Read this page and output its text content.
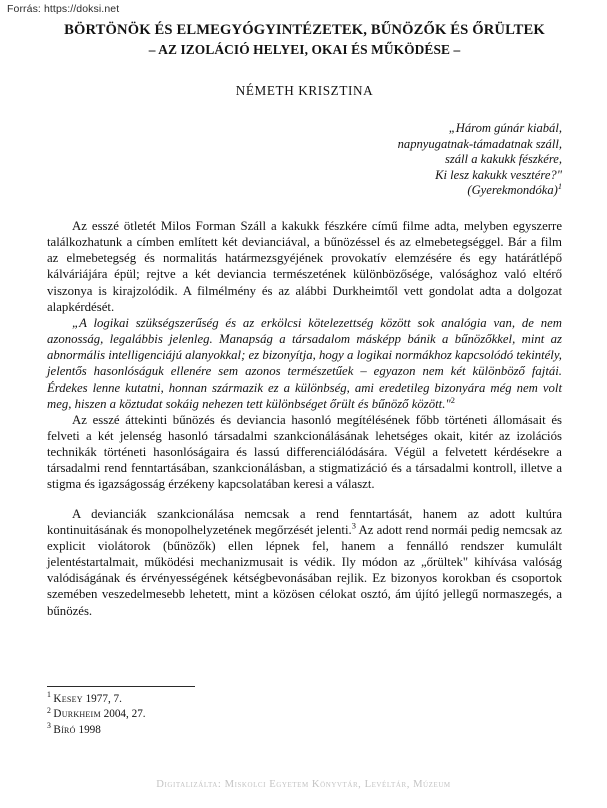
Forrás: https://doksi.net
BÖRTÖNÖK ÉS ELMEGYÓGYINTÉZETEK, BŰNÖZŐK ÉS ŐRÜLTEK
– AZ IZOLÁCIÓ HELYEI, OKAI ÉS MŰKÖDÉSE –
NÉMETH KRISZTINA
„Három gúnár kiabál,
napnyugatnak-támadatnak száll,
száll a kakukk fészkére,
Ki lesz kakukk vesztére?"
(Gyerekmondóka)$^1$

Az esszé ötletét Milos Forman Száll a kakukk fészkére című filme adta, melyben egyszerre találkozhatunk a címben említett két devianciával, a bűnözéssel és az elmebetegséggel. Bár a film az elmebetegség és normalitás határmezsgyéjének provokatív elemzésére és egy határátlépő kálváriájára épül; rejtve a két deviancia természetének különbözősége, valósághoz való eltérő viszonya is kirajzolódik. A filmélmény és az alábbi Durkheimtől vett gondolat adta a dolgozat alapkérdését.

„A logikai szükségszerűség és az erkölcsi kötelezettség között sok analógia van, de nem azonosság, legalábbis jelenleg. Manapság a társadalom másképp bánik a bűnözőkkel, mint az abnormális intelligenciájú alanyokkal; ez bizonyítja, hogy a logikai normákhoz kapcsolódó tekintély, jelentős hasonlóságuk ellenére sem azonos természetűek – egyazon nem két különböző fajtái. Érdekes lenne kutatni, honnan származik ez a különbség, ami eredetileg bizonyára még nem volt meg, hiszen a köztudat sokáig nehezen tett különbséget őrült és bűnöző között."$^2$

Az esszé áttekinti bűnözés és deviancia hasonló megítélésének főbb történeti állomásait és felveti a két jelenség hasonló társadalmi szankcionálásának lehetséges okait, kitér az izolációs technikák történeti hasonlóságaira és lassú differenciálódására. Végül a felvetett kérdésekre a társadalmi rend fenntartásában, szankcionálásban, a stigmatizáció és a társadalmi kontroll, illetve a stigma és igazságosság érzékeny kapcsolatában keresi a választ.

A devianciák szankcionálása nemcsak a rend fenntartását, hanem az adott kultúra kontinuitásának és monopolhelyzetének megőrzését jelenti.$^3$ Az adott rend normái pedig nemcsak az explicit violátorok (bűnözők) ellen lépnek fel, hanem a fennálló rendszer kumulált jelentéstartalmait, működési mechanizmusait is védik. Ily módon az „őrültek" kihívása valóság valódiságának és érvényességének kétségbevonásában rejlik. Ez bizonyos korokban és csoportok szemében veszedelmesebb lehetett, mint a közösen célokat osztó, ám újító jellegű normaszegés, a bűnözés.

$^1$ Kesey 1977, 7.
$^2$ Durkheim 2004, 27.
$^3$ Bíró 1998
Digitalizálta: Miskolci Egyetem Könyvtár, Levéltár, Múzeum
